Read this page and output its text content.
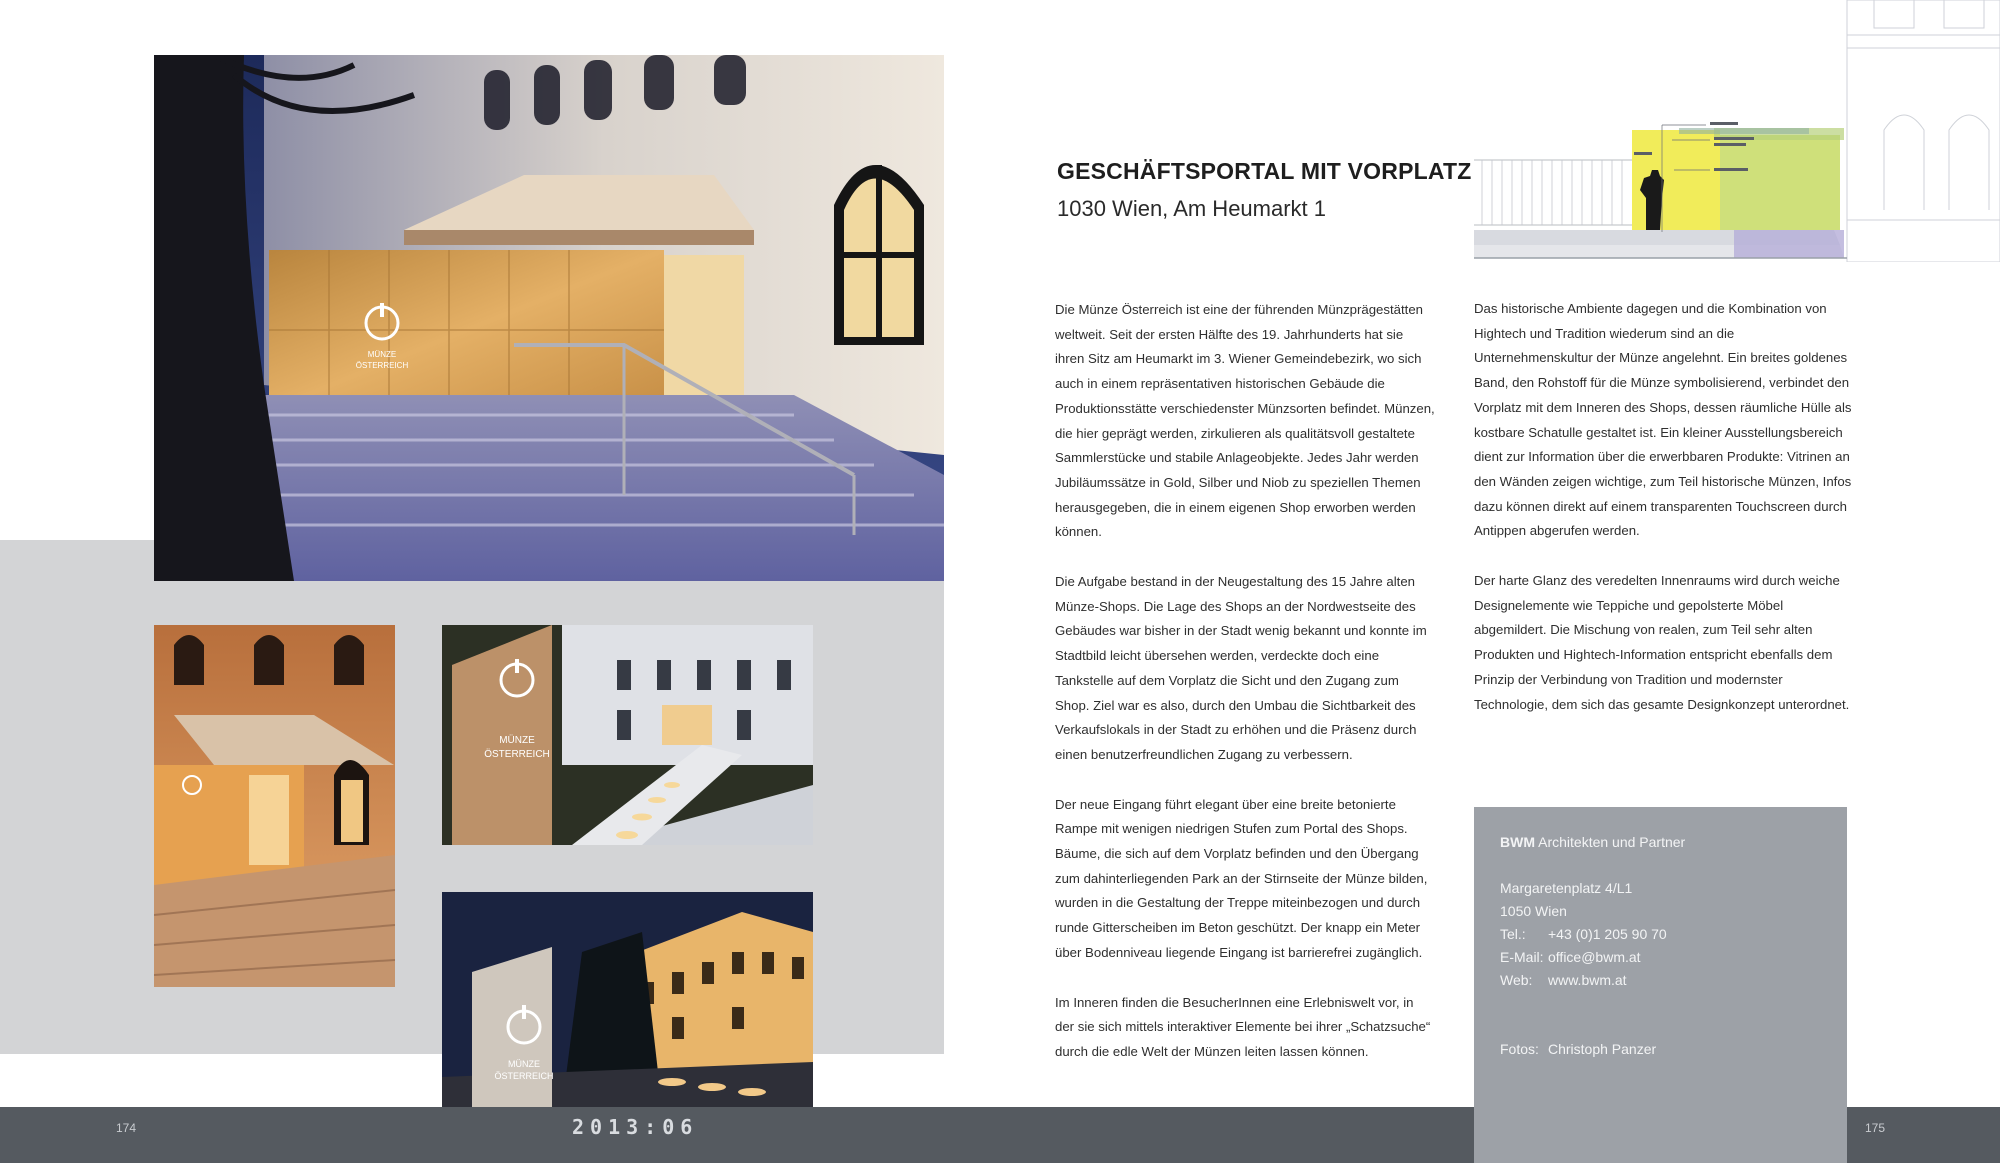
MÜNZE
ÖSTERREICH
MÜNZE
ÖSTERREICH
MÜNZE
ÖSTERREICH
GESCHÄFTSPORTAL MIT VORPLATZ
1030 Wien, Am Heumarkt 1

Die Münze Österreich ist eine der führenden Münzprägestätten weltweit. Seit der ersten Hälfte des 19. Jahrhunderts hat sie ihren Sitz am Heumarkt im 3. Wiener Gemeindebezirk, wo sich auch in einem repräsentativen historischen Gebäude die Produktionsstätte verschiedenster Münzsorten befindet. Münzen, die hier geprägt werden, zirkulieren als qualitätsvoll gestaltete Sammlerstücke und stabile Anlageobjekte. Jedes Jahr werden Jubiläumssätze in Gold, Silber und Niob zu speziellen Themen herausgegeben, die in einem eigenen Shop erworben werden können.

Die Aufgabe bestand in der Neugestaltung des 15 Jahre alten Münze-Shops. Die Lage des Shops an der Nordwestseite des Gebäudes war bisher in der Stadt wenig bekannt und konnte im Stadtbild leicht übersehen werden, verdeckte doch eine Tankstelle auf dem Vorplatz die Sicht und den Zugang zum Shop. Ziel war es also, durch den Umbau die Sichtbarkeit des Verkaufslokals in der Stadt zu erhöhen und die Präsenz durch einen benutzerfreundlichen Zugang zu verbessern.

Der neue Eingang führt elegant über eine breite betonierte Rampe mit wenigen niedrigen Stufen zum Portal des Shops. Bäume, die sich auf dem Vorplatz befinden und den Übergang zum dahinterliegenden Park an der Stirnseite der Münze bilden, wurden in die Gestaltung der Treppe miteinbezogen und durch runde Gitterscheiben im Beton geschützt. Der knapp ein Meter über Bodenniveau liegende Eingang ist barrierefrei zugänglich.

Im Inneren finden die BesucherInnen eine Erlebniswelt vor, in der sie sich mittels interaktiver Elemente bei ihrer „Schatzsuche“ durch die edle Welt der Münzen leiten lassen können.

Das historische Ambiente dagegen und die Kombination von Hightech und Tradition wiederum sind an die Unternehmenskultur der Münze angelehnt. Ein breites goldenes Band, den Rohstoff für die Münze symbolisierend, verbindet den Vorplatz mit dem Inneren des Shops, dessen räumliche Hülle als kostbare Schatulle gestaltet ist. Ein kleiner Ausstellungsbereich dient zur Information über die erwerbbaren Produkte: Vitrinen an den Wänden zeigen wichtige, zum Teil historische Münzen, Infos dazu können direkt auf einem transparenten Touchscreen durch Antippen abgerufen werden.

Der harte Glanz des veredelten Innenraums wird durch weiche Designelemente wie Teppiche und gepolsterte Möbel abgemildert. Die Mischung von realen, zum Teil sehr alten Produkten und Hightech-Information entspricht ebenfalls dem Prinzip der Verbindung von Tradition und modernster Technologie, dem sich das gesamte Designkonzept unterordnet.

BWM Architekten und Partner
Margaretenplatz 4/L1
1050 Wien
Tel.: +43 (0)1 205 90 70
E-Mail: office@bwm.at
Web: www.bwm.at
Fotos: Christoph Panzer
174	2013:06	175
